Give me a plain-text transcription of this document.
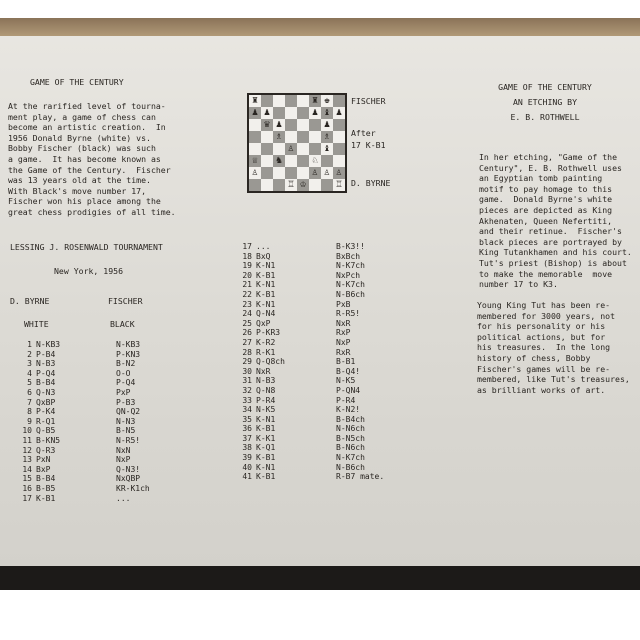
GAME OF THE CENTURY
At the rarified level of tourna-
ment play, a game of chess can
become an artistic creation.  In
1956 Donald Byrne (white) vs.
Bobby Fischer (black) was such
a game.  It has become known as
the Game of the Century.  Fischer
was 13 years old at the time.
With Black's move number 17,
Fischer won his place among the
great chess prodigies of all time.
♜	♜ ♚
♟ ♟	♟ ♝ ♟
♛ ♟	♟
♗	♗
♙	♝
♕ ♞	♘
♙	♙ ♙ ♙
♖ ♔	♖
FISCHER
After
17 K-B1
D. BYRNE
LESSING J. ROSENWALD TOURNAMENT
New York, 1956
D. BYRNE	FISCHER
WHITE	BLACK
1 N-KB3	N-KB3
2 P-B4	P-KN3
3 N-B3	B-N2
4 P-Q4	O-O
5 B-B4	P-Q4
6 Q-N3	PxP
7 QxBP	P-B3
8 P-K4	QN-Q2
9 R-Q1	N-N3
10 Q-B5	B-N5
11 B-KN5	N-R5!
12 Q-R3	NxN
13 PxN	NxP
14 BxP	Q-N3!
15 B-B4	NxQBP
16 B-B5	KR-K1ch
17 K-B1	...
17 ...	B-K3!!
18 BxQ	BxBch
19 K-N1	N-K7ch
20 K-B1	NxPch
21 K-N1	N-K7ch
22 K-B1	N-B6ch
23 K-N1	PxB
24 Q-N4	R-R5!
25 QxP	NxR
26 P-KR3	RxP
27 K-R2	NxP
28 R-K1	RxR
29 Q-Q8ch	B-B1
30 NxR	B-Q4!
31 N-B3	N-K5
32 Q-N8	P-QN4
33 P-R4	P-R4
34 N-K5	K-N2!
35 K-N1	B-B4ch
36 K-B1	N-N6ch
37 K-K1	B-N5ch
38 K-Q1	B-N6ch
39 K-B1	N-K7ch
40 K-N1	N-B6ch
41 K-B1	R-B7 mate.
GAME OF THE CENTURY
AN ETCHING BY
E. B. ROTHWELL
In her etching, "Game of the
Century", E. B. Rothwell uses
an Egyptian tomb painting
motif to pay homage to this
game.  Donald Byrne's white
pieces are depicted as King
Akhenaten, Queen Nefertiti,
and their retinue.  Fischer's
black pieces are portrayed by
King Tutankhamen and his court.
Tut's priest (Bishop) is about
to make the memorable  move
number 17 to K3.
Young King Tut has been re-
membered for 3000 years, not
for his personality or his
political actions, but for
his treasures.  In the long
history of chess, Bobby
Fischer's games will be re-
membered, like Tut's treasures,
as brilliant works of art.
